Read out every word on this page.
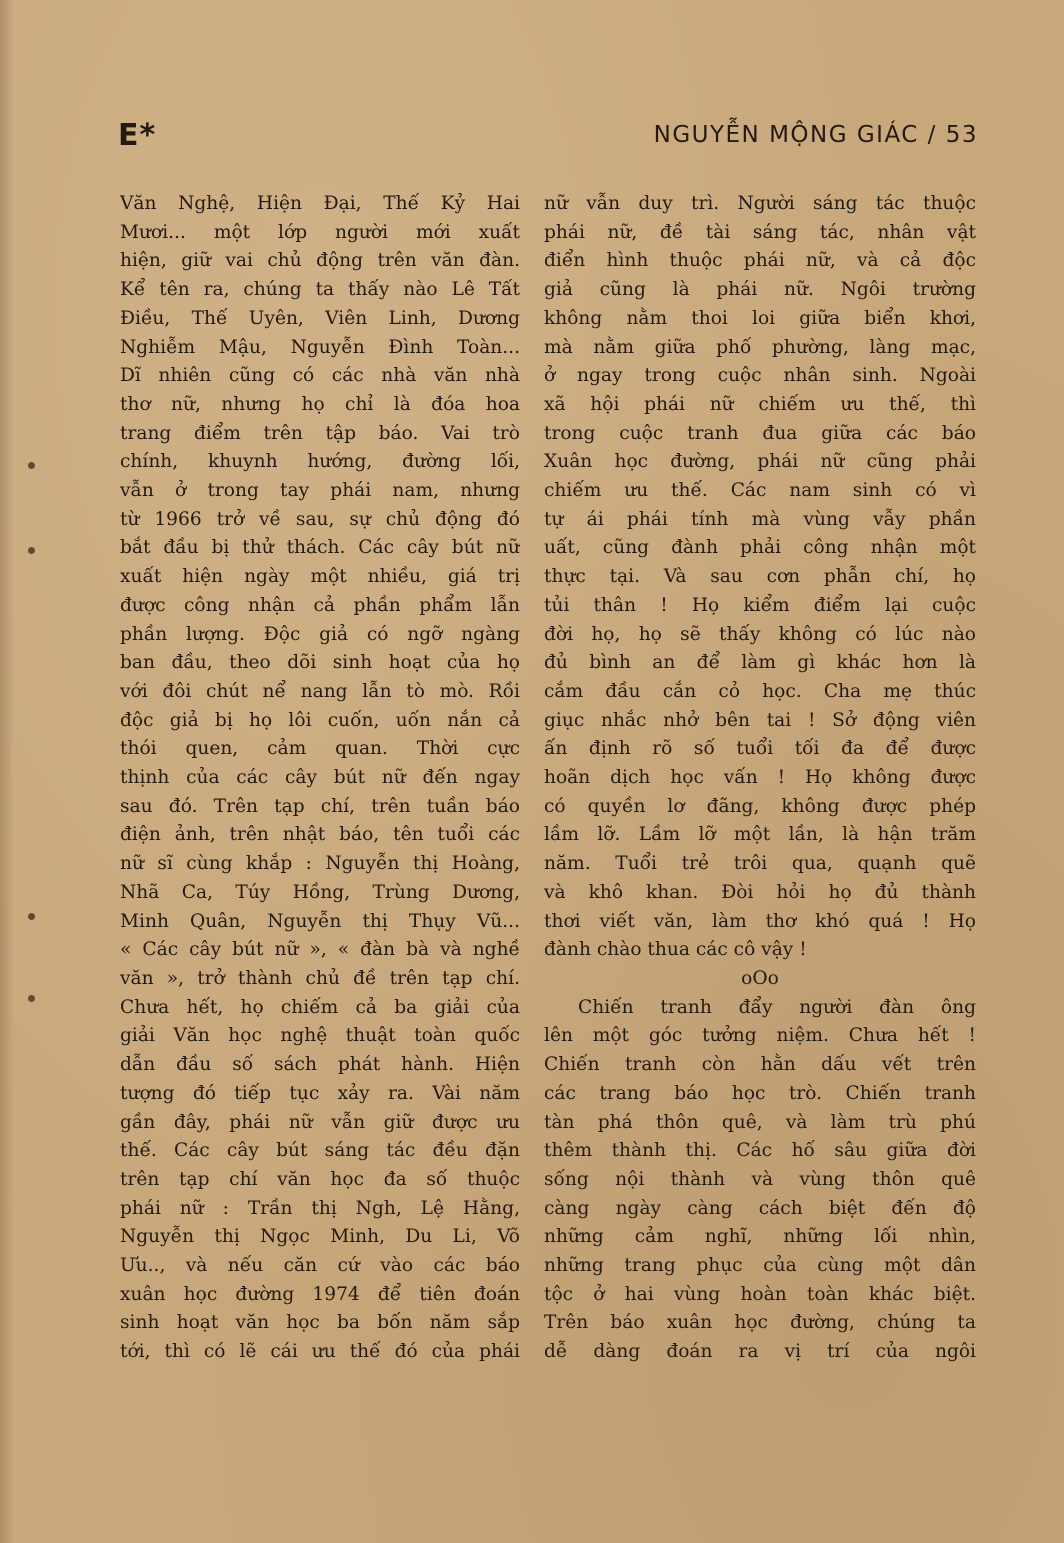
E*	NGUYỄN MỘNG GIÁC / 53
Văn Nghệ, Hiện Đại, Thế Kỷ Hai
Mươi... một lớp người mới xuất
hiện, giữ vai chủ động trên văn đàn.
Kể tên ra, chúng ta thấy nào Lê Tất
Điều, Thế Uyên, Viên Linh, Dương
Nghiễm Mậu, Nguyễn Đình Toàn...
Dĩ nhiên cũng có các nhà văn nhà
thơ nữ, nhưng họ chỉ là đóa hoa
trang điểm trên tập báo. Vai trò
chính, khuynh hướng, đường lối,
vẫn ở trong tay phái nam, nhưng
từ 1966 trở về sau, sự chủ động đó
bắt đầu bị thử thách. Các cây bút nữ
xuất hiện ngày một nhiều, giá trị
được công nhận cả phần phẩm lẫn
phần lượng. Độc giả có ngỡ ngàng
ban đầu, theo dõi sinh hoạt của họ
với đôi chút nể nang lẫn tò mò. Rồi
độc giả bị họ lôi cuốn, uốn nắn cả
thói quen, cảm quan. Thời cực
thịnh của các cây bút nữ đến ngay
sau đó. Trên tạp chí, trên tuần báo
điện ảnh, trên nhật báo, tên tuổi các
nữ sĩ cùng khắp : Nguyễn thị Hoàng,
Nhã Ca, Túy Hồng, Trùng Dương,
Minh Quân, Nguyễn thị Thụy Vũ...
« Các cây bút nữ », « đàn bà và nghề
văn », trở thành chủ đề trên tạp chí.
Chưa hết, họ chiếm cả ba giải của
giải Văn học nghệ thuật toàn quốc
dẫn đầu số sách phát hành. Hiện
tượng đó tiếp tục xảy ra. Vài năm
gần đây, phái nữ vẫn giữ được ưu
thế. Các cây bút sáng tác đều đặn
trên tạp chí văn học đa số thuộc
phái nữ : Trần thị Ngh, Lệ Hằng,
Nguyễn thị Ngọc Minh, Du Li, Võ
Ưu.., và nếu căn cứ vào các báo
xuân học đường 1974 để tiên đoán
sinh hoạt văn học ba bốn năm sắp
tới, thì có lẽ cái ưu thế đó của phái
nữ vẫn duy trì. Người sáng tác thuộc
phái nữ, đề tài sáng tác, nhân vật
điển hình thuộc phái nữ, và cả độc
giả cũng là phái nữ. Ngôi trường
không nằm thoi loi giữa biển khơi,
mà nằm giữa phố phường, làng mạc,
ở ngay trong cuộc nhân sinh. Ngoài
xã hội phái nữ chiếm ưu thế, thì
trong cuộc tranh đua giữa các báo
Xuân học đường, phái nữ cũng phải
chiếm ưu thế. Các nam sinh có vì
tự ái phái tính mà vùng vẫy phần
uất, cũng đành phải công nhận một
thực tại. Và sau cơn phẫn chí, họ
tủi thân ! Họ kiểm điểm lại cuộc
đời họ, họ sẽ thấy không có lúc nào
đủ bình an để làm gì khác hơn là
cắm đầu cắn cỏ học. Cha mẹ thúc
giục nhắc nhở bên tai ! Sở động viên
ấn định rõ số tuổi tối đa để được
hoãn dịch học vấn ! Họ không được
có quyền lơ đãng, không được phép
lầm lỡ. Lầm lỡ một lần, là hận trăm
năm. Tuổi trẻ trôi qua, quạnh quẽ
và khô khan. Đòi hỏi họ đủ thành
thơi viết văn, làm thơ khó quá ! Họ
đành chào thua các cô vậy !
oOo
Chiến tranh đẩy người đàn ông
lên một góc tưởng niệm. Chưa hết !
Chiến tranh còn hằn dấu vết trên
các trang báo học trò. Chiến tranh
tàn phá thôn quê, và làm trù phú
thêm thành thị. Các hố sâu giữa đời
sống nội thành và vùng thôn quê
càng ngày càng cách biệt đến độ
những cảm nghĩ, những lối nhìn,
những trang phục của cùng một dân
tộc ở hai vùng hoàn toàn khác biệt.
Trên báo xuân học đường, chúng ta
dễ dàng đoán ra vị trí của ngôi
